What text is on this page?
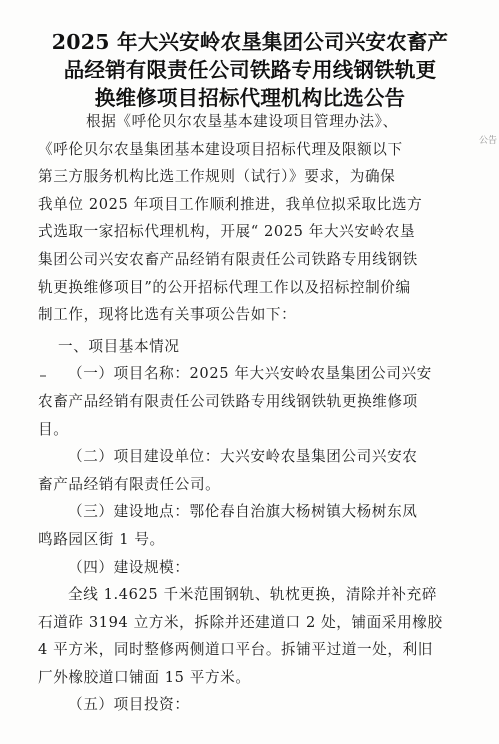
2025 年大兴安岭农垦集团公司兴安农畜产
品经销有限责任公司铁路专用线钢铁轨更
换维修项目招标代理机构比选公告
公告
根据《呼伦贝尔农垦基本建设项目管理办法》、
《呼伦贝尔农垦集团基本建设项目招标代理及限额以下
第三方服务机构比选工作规则（试行）》要求，为确保
我单位 2025 年项目工作顺利推进，我单位拟采取比选方
式选取一家招标代理机构，开展“ 2025 年大兴安岭农垦
集团公司兴安农畜产品经销有限责任公司铁路专用线钢铁
轨更换维修项目”的公开招标代理工作以及招标控制价编
制工作，现将比选有关事项公告如下：
一、项目基本情况
（一）项目名称：2025 年大兴安岭农垦集团公司兴安
农畜产品经销有限责任公司铁路专用线钢铁轨更换维修项
目。
（二）项目建设单位：大兴安岭农垦集团公司兴安农
畜产品经销有限责任公司。
（三）建设地点：鄂伦春自治旗大杨树镇大杨树东凤
鸣路园区街 1 号。
（四）建设规模：
全线 1.4625 千米范围钢轨、轨枕更换，清除并补充碎
石道砟 3194 立方米，拆除并还建道口 2 处，铺面采用橡胶
4 平方米，同时整修两侧道口平台。拆铺平过道一处，利旧
厂外橡胶道口铺面 15 平方米。
（五）项目投资：
